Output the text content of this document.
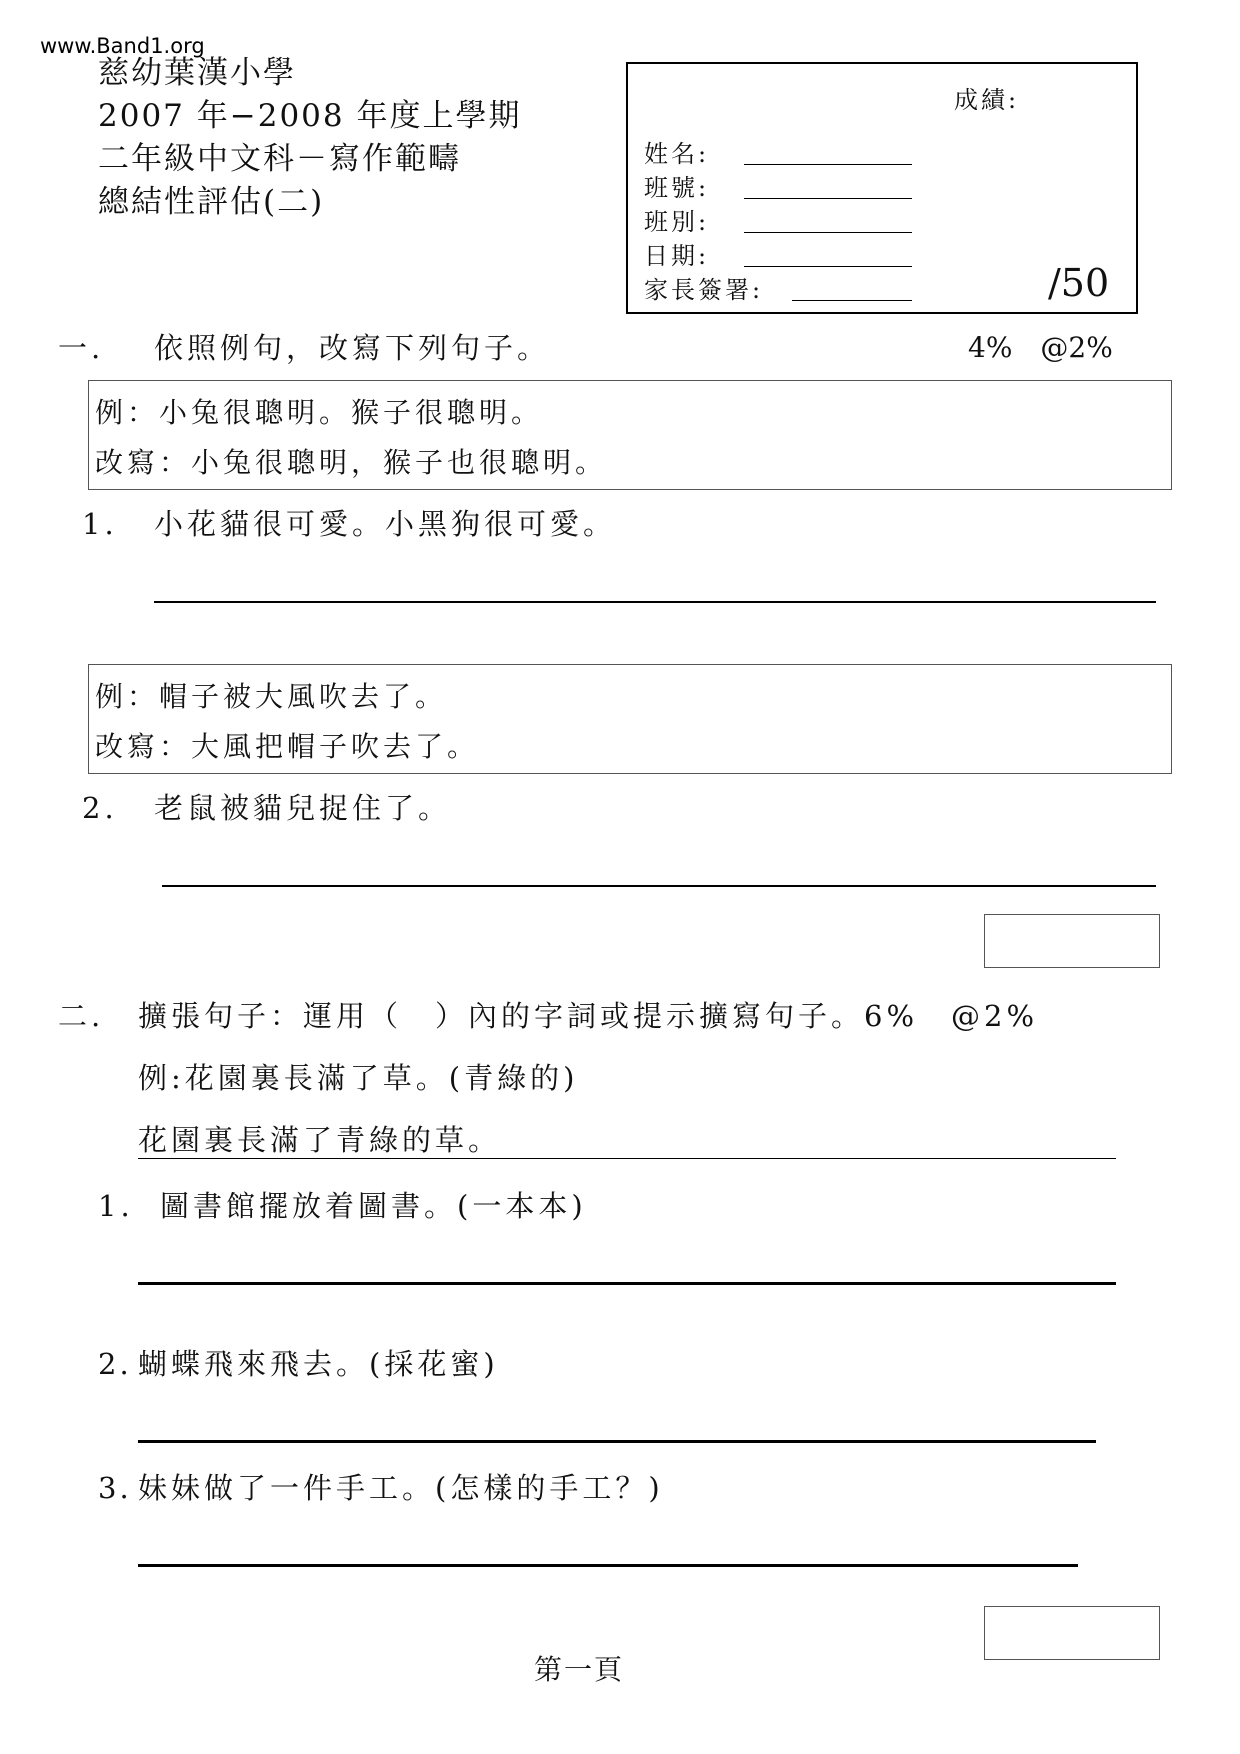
www.Band1.org
慈幼葉漢小學
2007 年−2008 年度上學期
二年級中文科－寫作範疇
總結性評估(二)
成績:
姓名:
班號:
班別:
日期:
家長簽署:	/50
一. 依照例句，改寫下列句子。	4%　@2%
例：小兔很聰明。猴子很聰明。
改寫：小兔很聰明，猴子也很聰明。
1. 小花貓很可愛。小黑狗很可愛。
例：帽子被大風吹去了。
改寫：大風把帽子吹去了。
2. 老鼠被貓兒捉住了。
二. 擴張句子：運用（　）內的字詞或提示擴寫句子。6%　@2%
例:花園裏長滿了草。(青綠的)
花園裏長滿了青綠的草。
1. 圖書館擺放着圖書。(一本本)
2. 蝴蝶飛來飛去。(採花蜜)
3. 妹妹做了一件手工。(怎樣的手工？)
第一頁
